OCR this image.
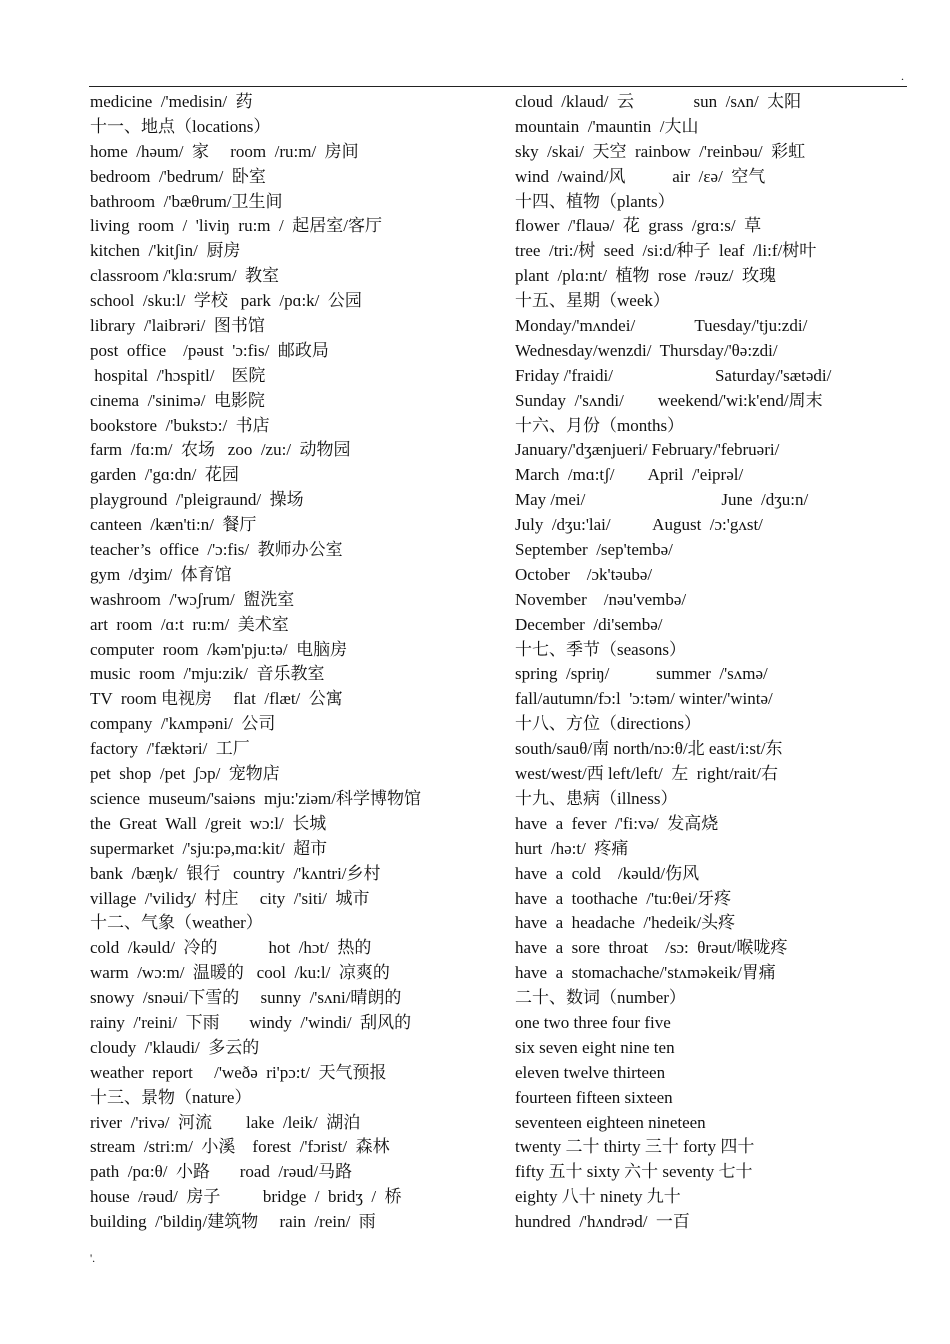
.
medicine  /'medisin/  药
十一、地点（locations）
home  /həum/  家     room  /ru:m/  房间
bedroom  /'bedrum/  卧室
bathroom  /'bæθrum/卫生间
living  room  /  'liviŋ  ru:m  /  起居室/客厅
kitchen  /'kitʃin/  厨房
classroom /'klɑ:srum/  教室
school  /sku:l/  学校   park  /pɑ:k/  公园
library  /'laibrəri/  图书馆
post  office    /pəust  'ɔ:fis/  邮政局
hospital  /'hɔspitl/    医院
cinema  /'sinimə/  电影院
bookstore  /'bukstɔ:/  书店
farm  /fɑ:m/  农场   zoo  /zu:/  动物园
garden  /'gɑ:dn/  花园
playground  /'pleigraund/  操场
canteen  /kæn'ti:n/  餐厅
teacher’s  office  /'ɔ:fis/  教师办公室
gym  /dʒim/  体育馆
washroom  /'wɔʃrum/  盥洗室
art  room  /ɑ:t  ru:m/  美术室
computer  room  /kəm'pju:tə/  电脑房
music  room  /'mju:zik/  音乐教室
TV  room 电视房     flat  /flæt/  公寓
company  /'kʌmpəni/  公司
factory  /'fæktəri/  工厂
pet  shop  /pet  ʃɔp/  宠物店
science  museum/'saiəns  mju:'ziəm/科学博物馆
the  Great  Wall  /greit  wɔ:l/  长城
supermarket  /'sju:pə,mɑ:kit/  超市
bank  /bæŋk/  银行   country  /'kʌntri/乡村
village  /'vilidʒ/  村庄     city  /'siti/  城市
十二、气象（weather）
cold  /kəuld/  冷的            hot  /hɔt/  热的
warm  /wɔ:m/  温暖的   cool  /ku:l/  凉爽的
snowy  /snəui/下雪的     sunny  /'sʌni/晴朗的
rainy  /'reini/  下雨       windy  /'windi/  刮风的
cloudy  /'klaudi/  多云的
weather  report     /'weðə  ri'pɔ:t/  天气预报
十三、景物（nature）
river  /'rivə/  河流        lake  /leik/  湖泊
stream  /stri:m/  小溪    forest  /'fɔrist/  森林
path  /pɑ:θ/  小路       road  /rəud/马路
house  /rəud/  房子          bridge  /  bridʒ  /  桥
building  /'bildiŋ/建筑物     rain  /rein/  雨
cloud  /klaud/  云              sun  /sʌn/  太阳
mountain  /'mauntin  /大山
sky  /skai/  天空  rainbow  /'reinbəu/  彩虹
wind  /waind/风           air  /εə/  空气
十四、植物（plants）
flower  /'flauə/  花  grass  /grɑ:s/  草
tree  /tri:/树  seed  /si:d/种子  leaf  /li:f/树叶
plant  /plɑ:nt/  植物  rose  /rəuz/  玫瑰
十五、星期（week）
Monday/'mʌndei/              Tuesday/'tju:zdi/
Wednesday/wenzdi/  Thursday/'θə:zdi/
Friday /'fraidi/                        Saturday/'sætədi/
Sunday  /'sʌndi/        weekend/'wi:k'end/周末
十六、月份（months）
January/'dʒænjueri/ February/'februəri/
March  /mɑ:tʃ/        April  /'eiprəl/
May /mei/                                June  /dʒu:n/
July  /dʒu:'lai/          August  /ɔ:'gʌst/
September  /sep'tembə/
October    /ɔk'təubə/
November    /nəu'vembə/
December  /di'sembə/
十七、季节（seasons）
spring  /spriŋ/           summer  /'sʌmə/
fall/autumn/fɔ:l  'ɔ:təm/ winter/'wintə/
十八、方位（directions）
south/sauθ/南 north/nɔ:θ/北 east/i:st/东
west/west/西 left/left/  左  right/rait/右
十九、患病（illness）
have  a  fever  /'fi:və/  发高烧
hurt  /hə:t/  疼痛
have  a  cold    /kəuld/伤风
have  a  toothache  /'tu:θei/牙疼
have  a  headache  /'hedeik/头疼
have  a  sore  throat    /sɔ:  θrəut/喉咙疼
have  a  stomachache/'stʌməkeik/胃痛
二十、数词（number）
one two three four five
six seven eight nine ten
eleven twelve thirteen
fourteen fifteen sixteen
seventeen eighteen nineteen
twenty 二十 thirty 三十 forty 四十
fifty 五十 sixty 六十 seventy 七十
eighty 八十 ninety 九十
hundred  /'hʌndrəd/  一百
'.
